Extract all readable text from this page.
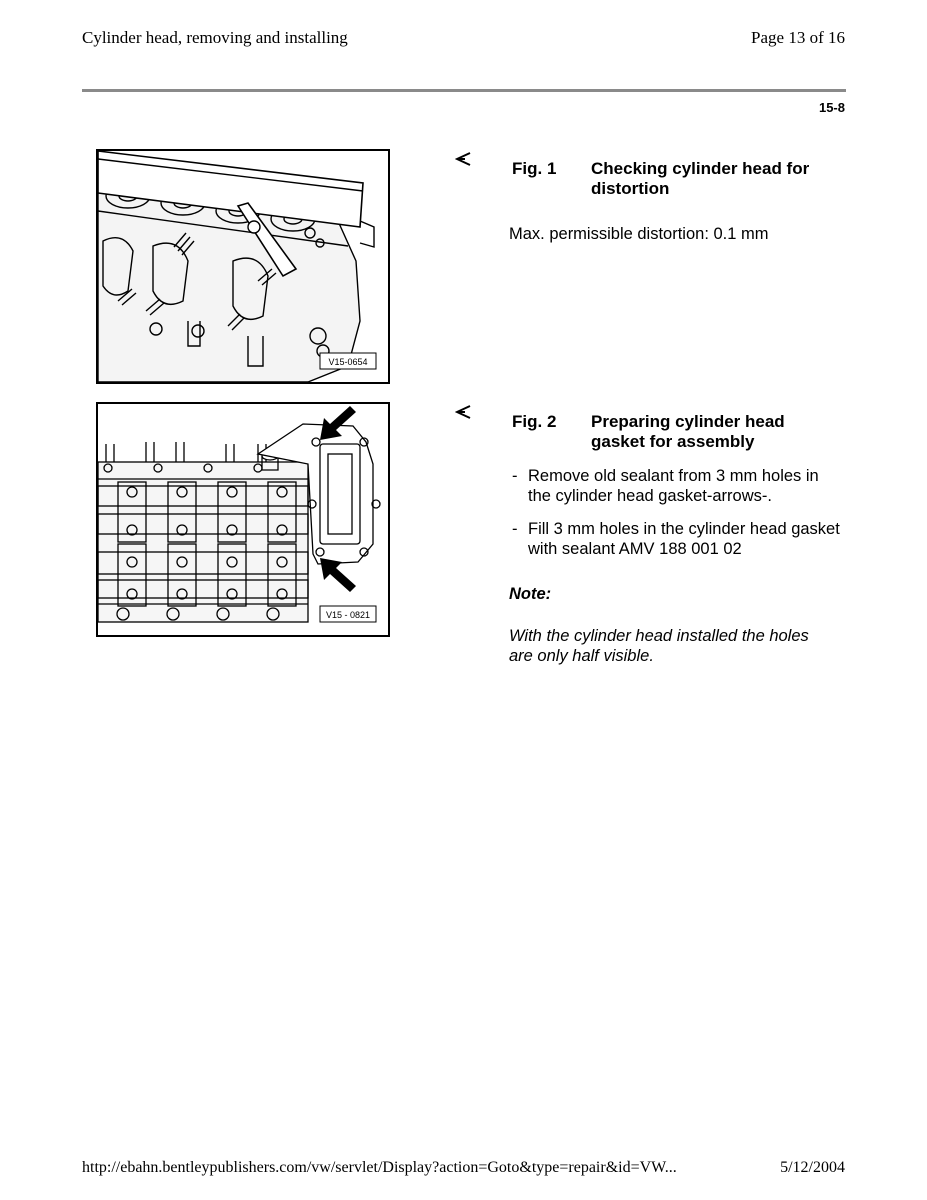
Cylinder head, removing and installing	Page 13 of 16
15-8
V15-0654
Fig. 1 Checking cylinder head for distortion
Max. permissible distortion: 0.1 mm
V15 - 0821
Fig. 2 Preparing cylinder head gasket for assembly
- Remove old sealant from 3 mm holes in the cylinder head gasket-arrows-.
- Fill 3 mm holes in the cylinder head gasket with sealant AMV 188 001 02
Note:
With the cylinder head installed the holes are only half visible.
http://ebahn.bentleypublishers.com/vw/servlet/Display?action=Goto&type=repair&id=VW...	5/12/2004
